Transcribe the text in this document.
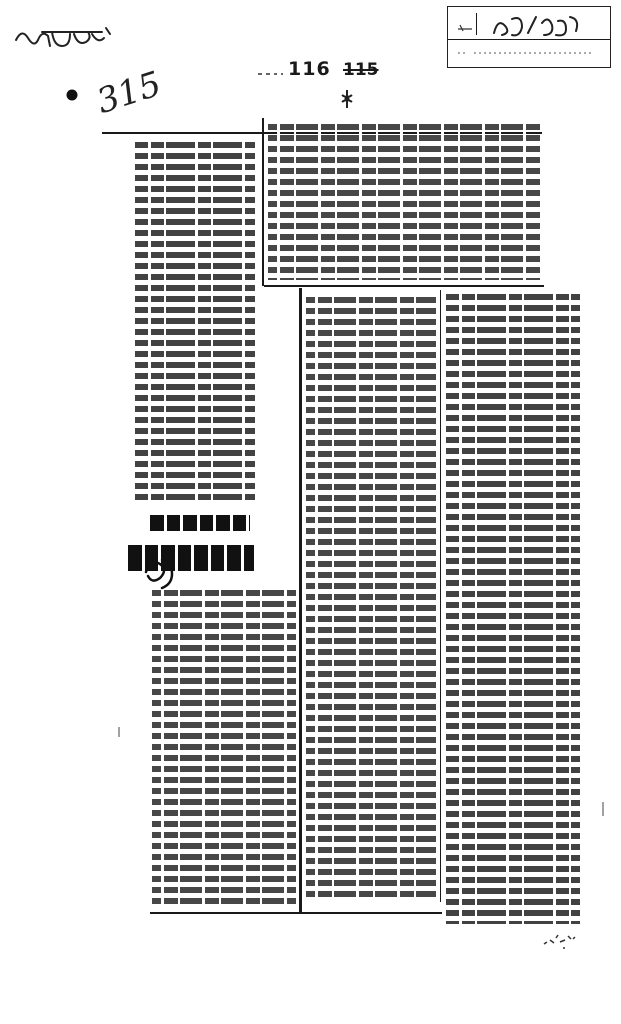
315	116 115
